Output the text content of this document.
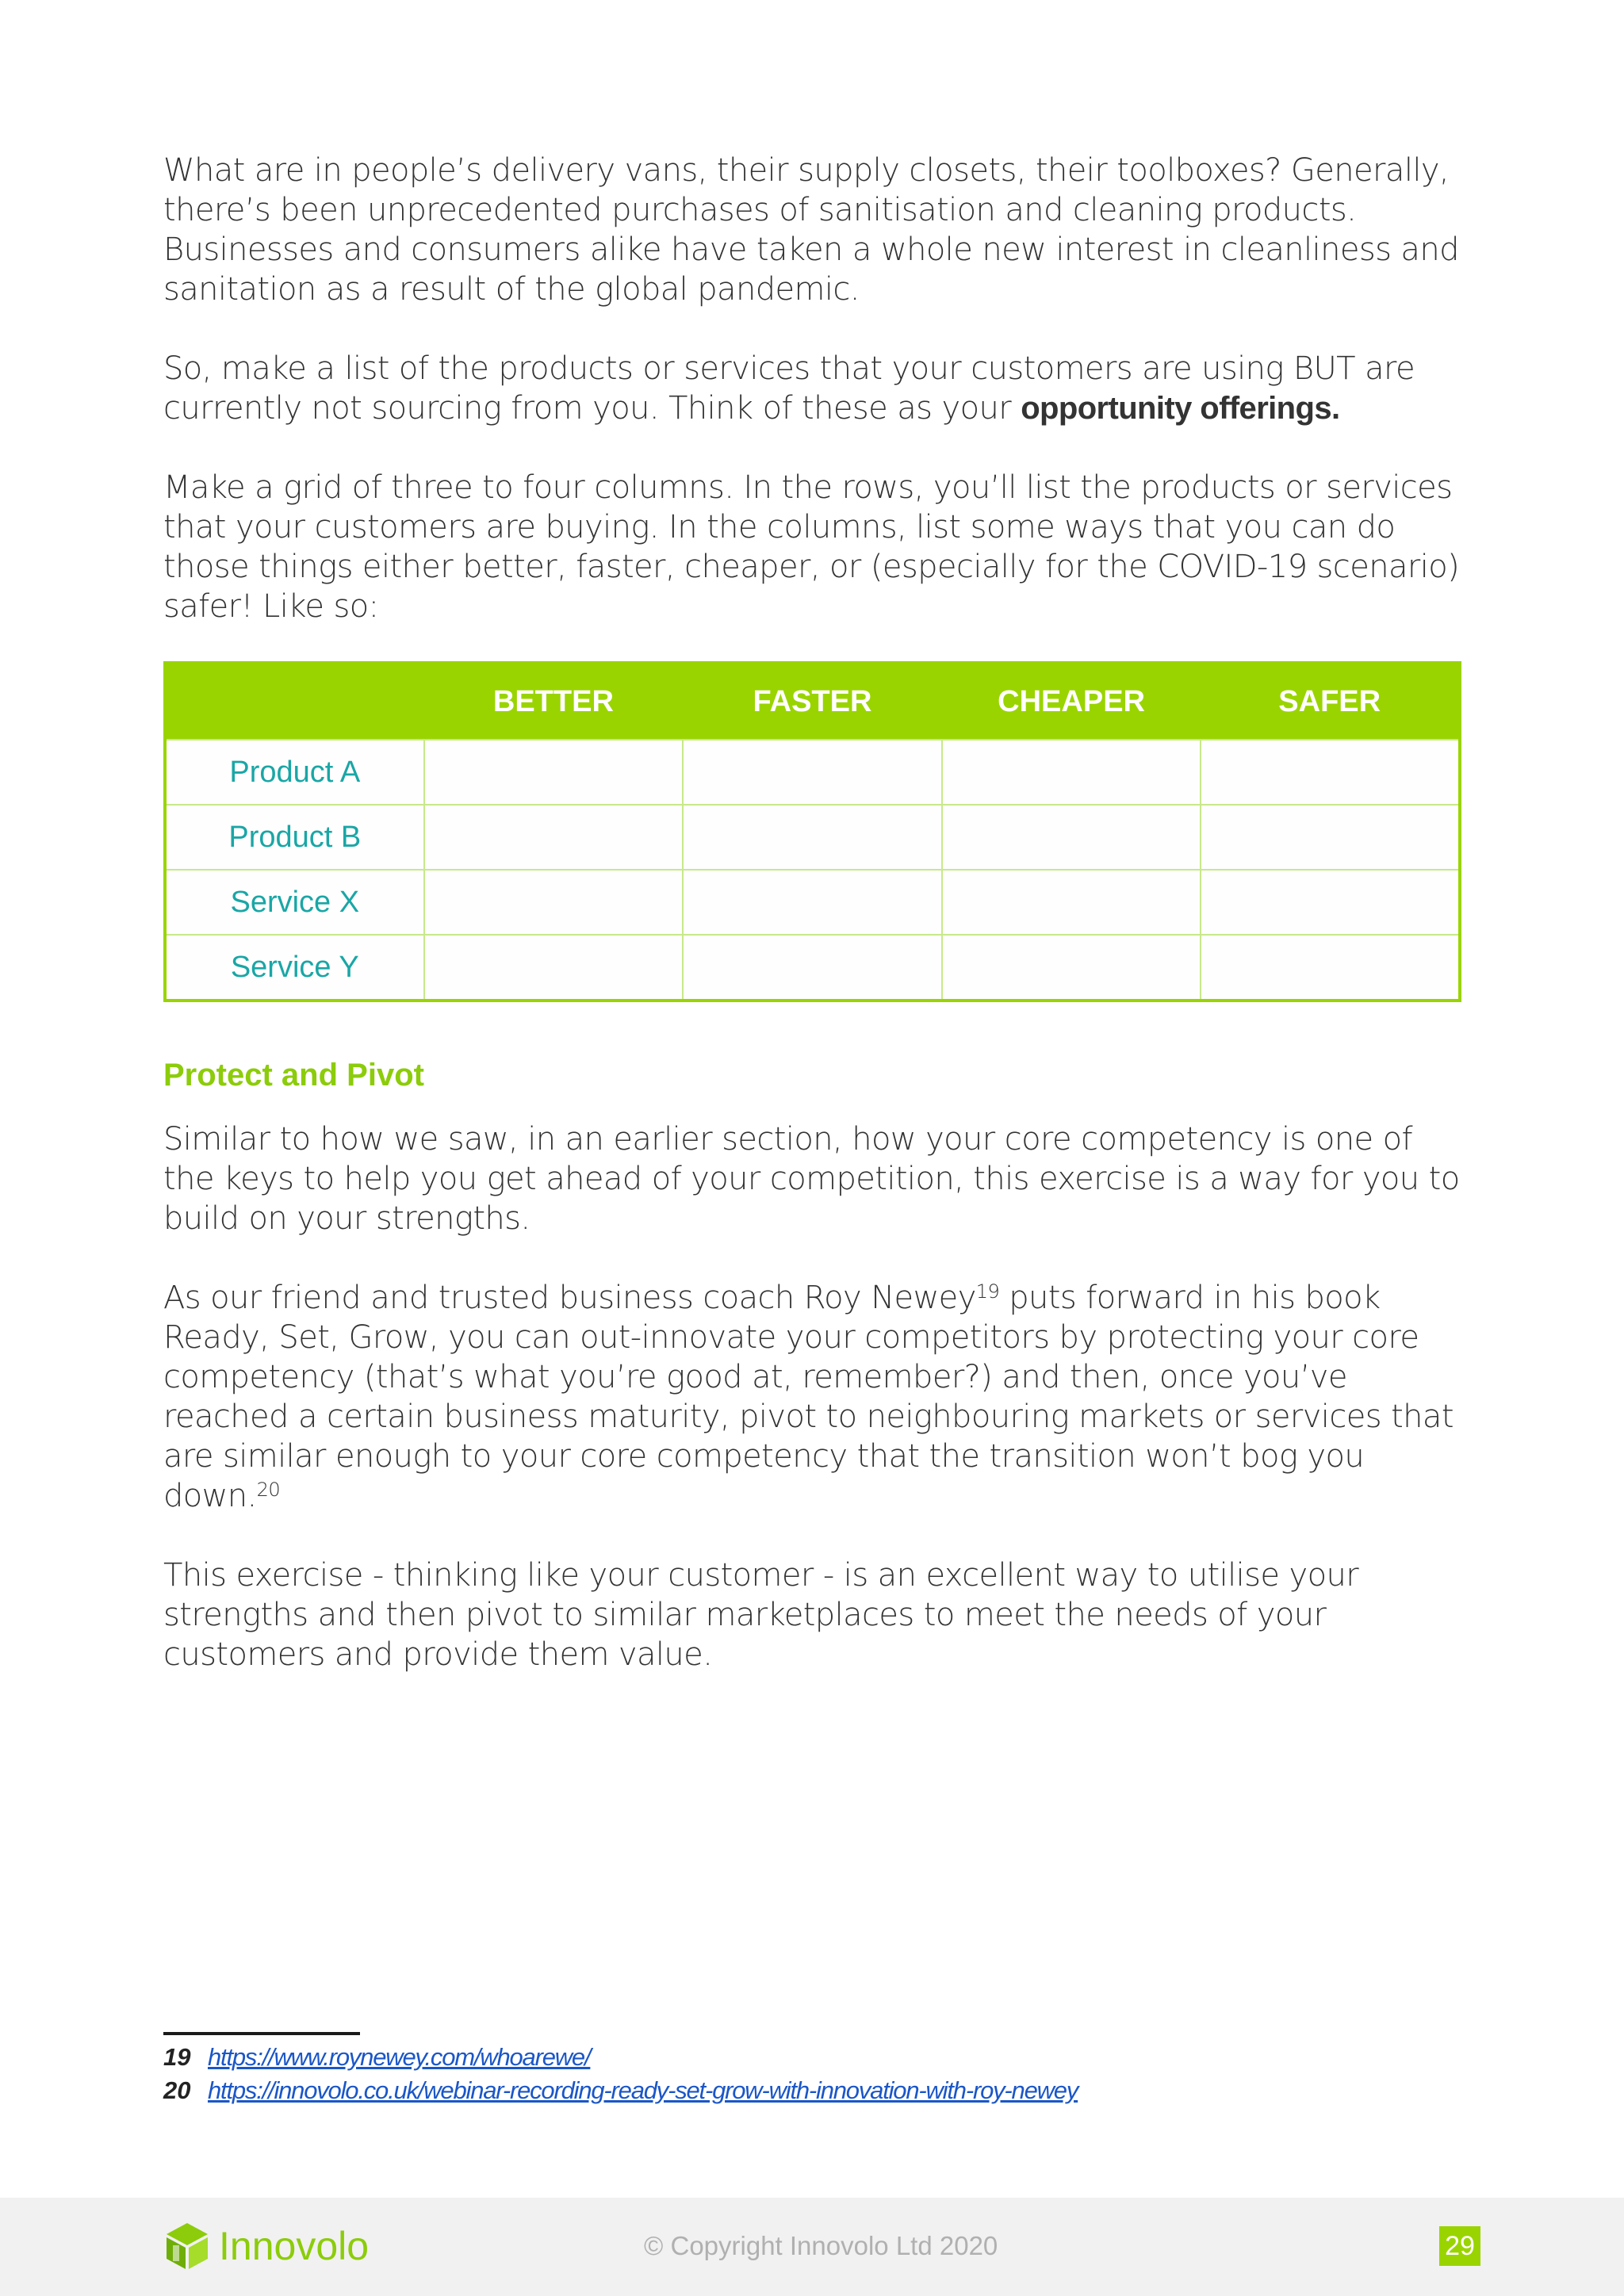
What are in people’s delivery vans, their supply closets, their toolboxes? Generally, there’s been unprecedented purchases of sanitisation and cleaning products. Businesses and consumers alike have taken a whole new interest in cleanliness and sanitation as a result of the global pandemic.

So, make a list of the products or services that your customers are using BUT are currently not sourcing from you. Think of these as your opportunity offerings.

Make a grid of three to four columns. In the rows, you’ll list the products or services that your customers are buying. In the columns, list some ways that you can do those things either better, faster, cheaper, or (especially for the COVID-19 scenario) safer! Like so:

	BETTER	FASTER	CHEAPER	SAFER
Product A				
Product B				
Service X				
Service Y				
Protect and Pivot

Similar to how we saw, in an earlier section, how your core competency is one of the keys to help you get ahead of your competition, this exercise is a way for you to build on your strengths.

As our friend and trusted business coach Roy Newey$^{19}$ puts forward in his book Ready, Set, Grow, you can out-innovate your competitors by protecting your core competency (that’s what you’re good at, remember?) and then, once you’ve reached a certain business maturity, pivot to neighbouring markets or services that are similar enough to your core competency that the transition won’t bog you down.$^{20}$

This exercise - thinking like your customer - is an excellent way to utilise your strengths and then pivot to similar marketplaces to meet the needs of your customers and provide them value.

19 https://www.roynewey.com/whoarewe/
20 https://innovolo.co.uk/webinar-recording-ready-set-grow-with-innovation-with-roy-newey
Innovolo	© Copyright Innovolo Ltd 2020	29
